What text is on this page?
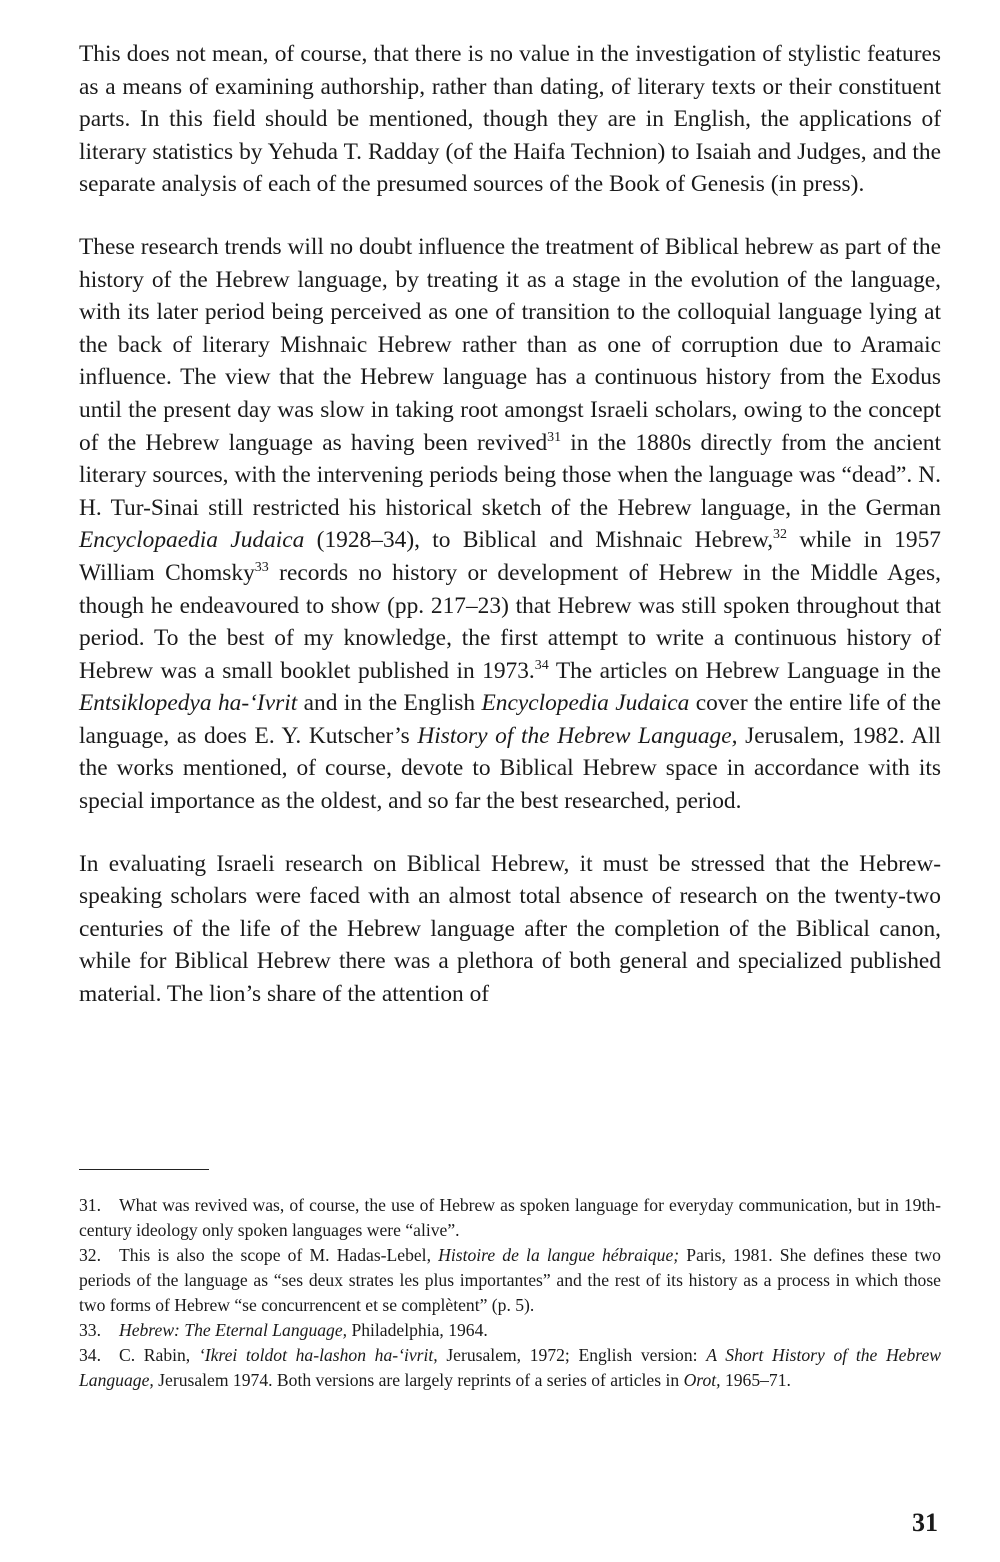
This does not mean, of course, that there is no value in the investigation of stylistic features as a means of examining authorship, rather than dating, of literary texts or their constituent parts. In this field should be mentioned, though they are in English, the applications of literary statistics by Yehuda T. Radday (of the Haifa Technion) to Isaiah and Judges, and the separate analysis of each of the presumed sources of the Book of Genesis (in press).

These research trends will no doubt influence the treatment of Biblical hebrew as part of the history of the Hebrew language, by treating it as a stage in the evolution of the language, with its later period being perceived as one of transition to the colloquial language lying at the back of literary Mishnaic Hebrew rather than as one of corruption due to Aramaic influence. The view that the Hebrew language has a continuous history from the Exodus until the present day was slow in taking root amongst Israeli scholars, owing to the concept of the Hebrew language as having been revived$^{31}$ in the 1880s directly from the ancient literary sources, with the intervening periods being those when the language was “dead”. N. H. Tur-Sinai still restricted his historical sketch of the Hebrew language, in the German Encyclopaedia Judaica (1928–34), to Biblical and Mishnaic Hebrew,$^{32}$ while in 1957 William Chomsky$^{33}$ records no history or development of Hebrew in the Middle Ages, though he endeavoured to show (pp. 217–23) that Hebrew was still spoken throughout that period. To the best of my knowledge, the first attempt to write a continuous history of Hebrew was a small booklet published in 1973.34 The articles on Hebrew Language in the Entsiklopedya ha-‘Ivrit and in the English Encyclopedia Judaica cover the entire life of the language, as does E. Y. Kutscher’s History of the Hebrew Language, Jerusalem, 1982. All the works mentioned, of course, devote to Biblical Hebrew space in accordance with its special importance as the oldest, and so far the best researched, period.

In evaluating Israeli research on Biblical Hebrew, it must be stressed that the Hebrew-speaking scholars were faced with an almost total absence of research on the twenty-two centuries of the life of the Hebrew language after the completion of the Biblical canon, while for Biblical Hebrew there was a plethora of both general and specialized published material. The lion’s share of the attention of

31. What was revived was, of course, the use of Hebrew as spoken language for everyday communication, but in 19th-century ideology only spoken languages were “alive”.

32. This is also the scope of M. Hadas-Lebel, Histoire de la langue hébraique; Paris, 1981. She defines these two periods of the language as “ses deux strates les plus importantes” and the rest of its history as a process in which those two forms of Hebrew “se concurrencent et se complètent” (p. 5).

33. Hebrew: The Eternal Language, Philadelphia, 1964.

34. C. Rabin, ‘Ikrei toldot ha-lashon ha-‘ivrit, Jerusalem, 1972; English version: A Short History of the Hebrew Language, Jerusalem 1974. Both versions are largely reprints of a series of articles in Orot, 1965–71.

31
